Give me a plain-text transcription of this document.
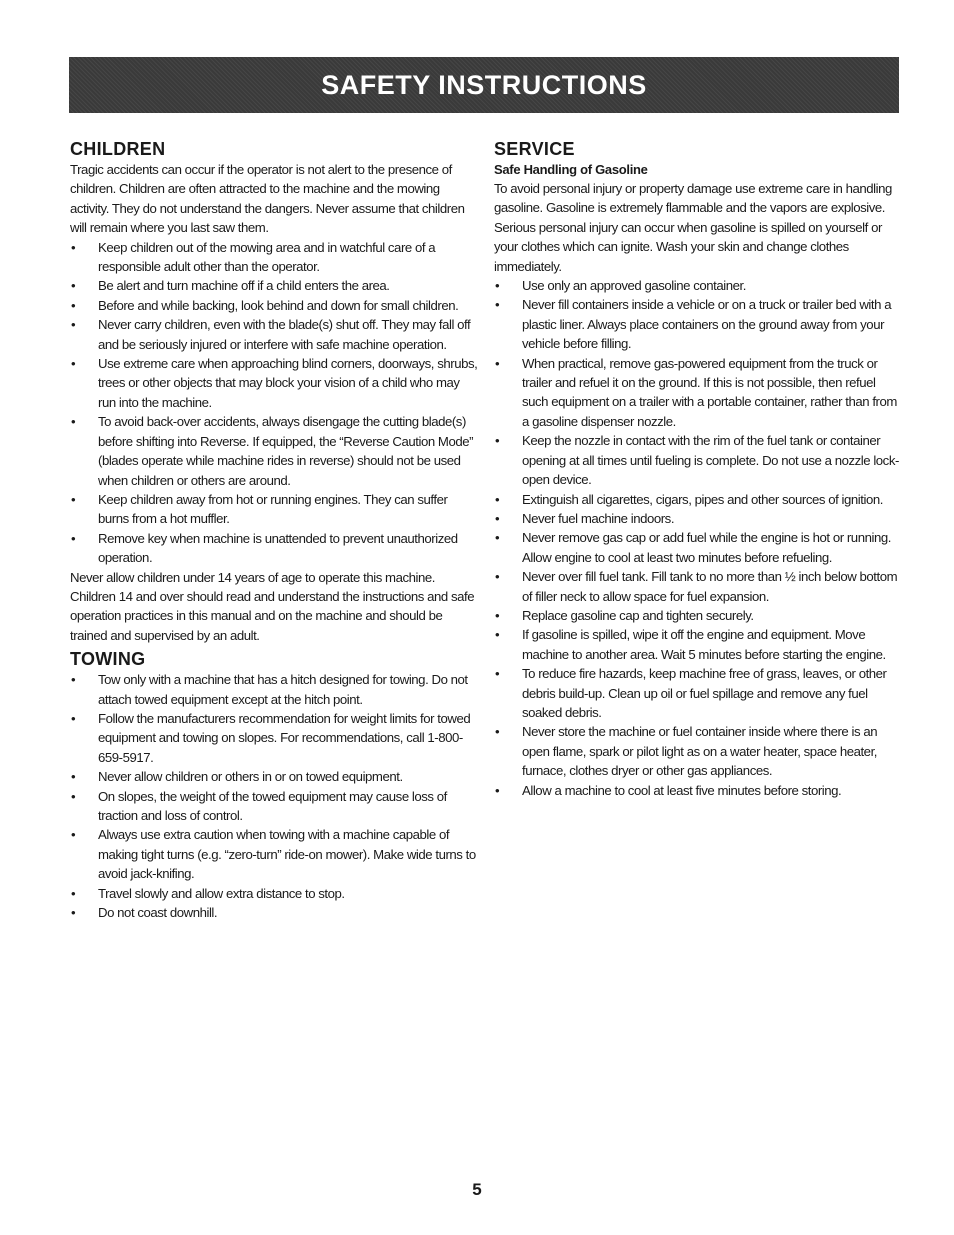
SAFETY INSTRUCTIONS
CHILDREN

Tragic accidents can occur if the operator is not alert to the presence of children. Children are often attracted to the machine and the mowing activity. They do not understand the dangers. Never assume that children will remain where you last saw them.

• Keep children out of the mowing area and in watchful care of a responsible adult other than the operator.
• Be alert and turn machine off if a child enters the area.
• Before and while backing, look behind and down for small children.
• Never carry children, even with the blade(s) shut off. They may fall off and be seriously injured or interfere with safe machine operation.
• Use extreme care when approaching blind corners, doorways, shrubs, trees or other objects that may block your vision of a child who may run into the machine.
• To avoid back-over accidents, always disengage the cutting blade(s) before shifting into Reverse. If equipped, the “Reverse Caution Mode” (blades operate while machine rides in reverse) should not be used when children or others are around.
• Keep children away from hot or running engines. They can suffer burns from a hot muffler.
• Remove key when machine is unattended to prevent unauthorized operation.

Never allow children under 14 years of age to operate this machine. Children 14 and over should read and understand the instructions and safe operation practices in this manual and on the machine and should be trained and supervised by an adult.

TOWING
• Tow only with a machine that has a hitch designed for towing. Do not attach towed equipment except at the hitch point.
• Follow the manufacturers recommendation for weight limits for towed equipment and towing on slopes. For recommendations, call 1-800-659-5917.
• Never allow children or others in or on towed equipment.
• On slopes, the weight of the towed equipment may cause loss of traction and loss of control.
• Always use extra caution when towing with a machine capable of making tight turns (e.g. “zero-turn” ride-on mower). Make wide turns to avoid jack-knifing.
• Travel slowly and allow extra distance to stop.
• Do not coast downhill.
SERVICE
Safe Handling of Gasoline

To avoid personal injury or property damage use extreme care in handling gasoline. Gasoline is extremely flammable and the vapors are explosive. Serious personal injury can occur when gasoline is spilled on yourself or your clothes which can ignite. Wash your skin and change clothes immediately.

• Use only an approved gasoline container.
• Never fill containers inside a vehicle or on a truck or trailer bed with a plastic liner. Always place containers on the ground away from your vehicle before filling.
• When practical, remove gas-powered equipment from the truck or trailer and refuel it on the ground. If this is not possible, then refuel such equipment on a trailer with a portable container, rather than from a gasoline dispenser nozzle.
• Keep the nozzle in contact with the rim of the fuel tank or container opening at all times until fueling is complete. Do not use a nozzle lock-open device.
• Extinguish all cigarettes, cigars, pipes and other sources of ignition.
• Never fuel machine indoors.
• Never remove gas cap or add fuel while the engine is hot or running. Allow engine to cool at least two minutes before refueling.
• Never over fill fuel tank. Fill tank to no more than ½ inch below bottom of filler neck to allow space for fuel expansion.
• Replace gasoline cap and tighten securely.
• If gasoline is spilled, wipe it off the engine and equipment. Move machine to another area. Wait 5 minutes before starting the engine.
• To reduce fire hazards, keep machine free of grass, leaves, or other debris build-up. Clean up oil or fuel spillage and remove any fuel soaked debris.
• Never store the machine or fuel container inside where there is an open flame, spark or pilot light as on a water heater, space heater, furnace, clothes dryer or other gas appliances.
• Allow a machine to cool at least five minutes before storing.
5
